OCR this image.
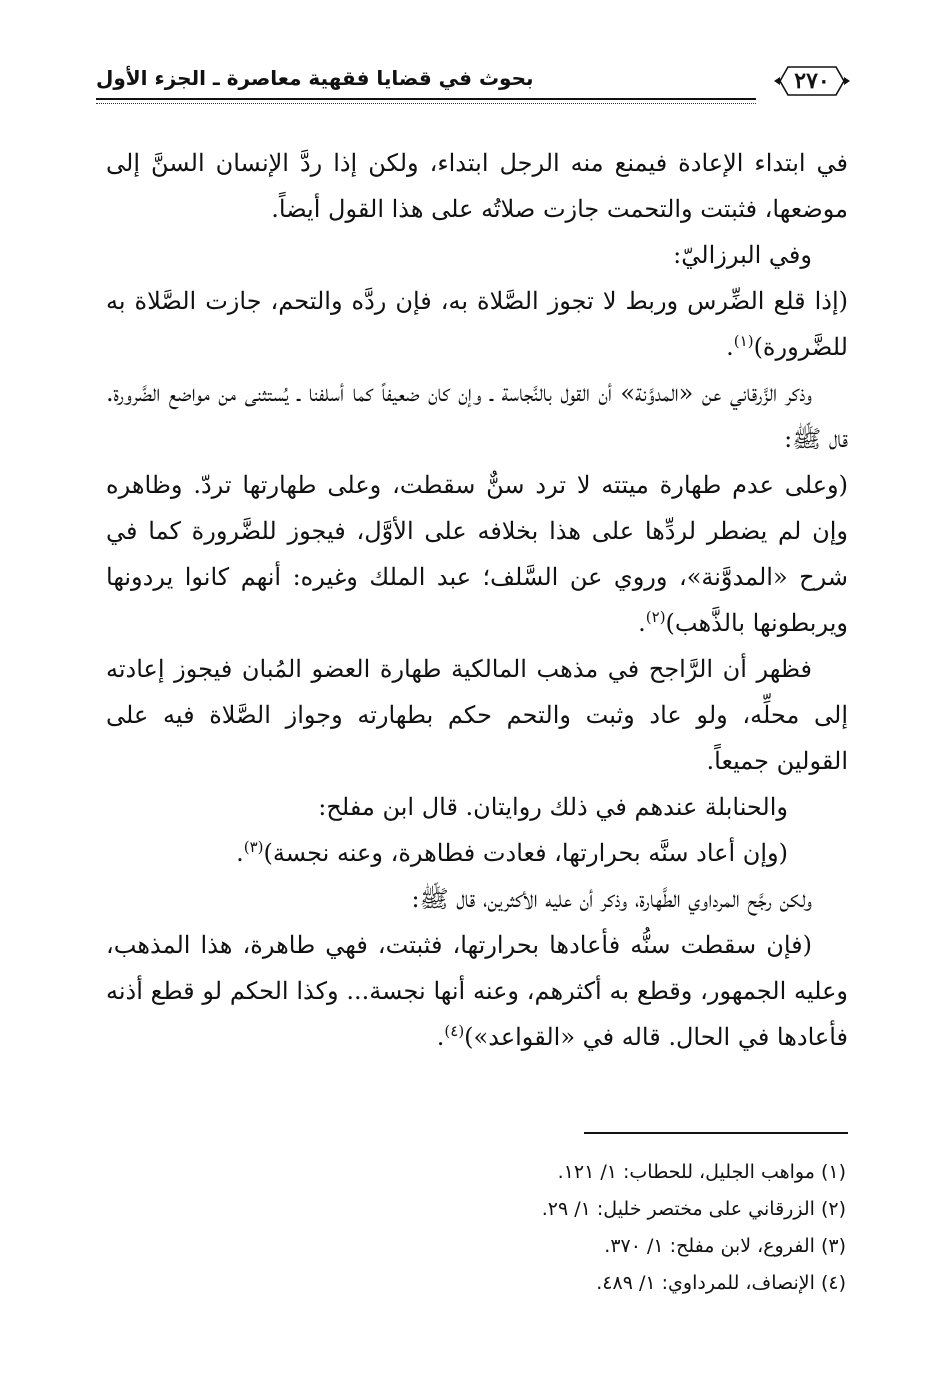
بحوث في قضايا فقهية معاصرة ـ الجزء الأول	٢٧٠

في ابتداء الإعادة فيمنع منه الرجل ابتداء، ولكن إذا ردَّ الإنسان السنَّ إلى موضعها، فثبتت والتحمت جازت صلاتُه على هذا القول أيضاً.

وفي البرزاليّ:

(إذا قلع الضِّرس وربط لا تجوز الصَّلاة به، فإن ردَّه والتحم، جازت الصَّلاة به للضَّرورة)$^{(١)}$.

وذكر الزَّرقاني عن «المدوَّنة» أن القول بالنَّجاسة ـ وإن كان ضعيفاً كما أسلفنا ـ يُستثنى من مواضع الضَّرورة. قال ﷺ:

(وعلى عدم طهارة ميتته لا ترد سنٌّ سقطت، وعلى طهارتها تردّ. وظاهره وإن لم يضطر لردِّها على هذا بخلافه على الأوَّل، فيجوز للضَّرورة كما في شرح «المدوَّنة»، وروي عن السَّلف؛ عبد الملك وغيره: أنهم كانوا يردونها ويربطونها بالذَّهب)$^{(٢)}$.

فظهر أن الرَّاجح في مذهب المالكية طهارة العضو المُبان فيجوز إعادته إلى محلِّه، ولو عاد وثبت والتحم حكم بطهارته وجواز الصَّلاة فيه على القولين جميعاً.

والحنابلة عندهم في ذلك روايتان. قال ابن مفلح:

(وإن أعاد سنَّه بحرارتها، فعادت فطاهرة، وعنه نجسة)$^{(٣)}$.

ولكن رجَّح المرداوي الطَّهارة، وذكر أن عليه الأكثرين، قال ﷺ:

(فإن سقطت سنُّه فأعادها بحرارتها، فثبتت، فهي طاهرة، هذا المذهب، وعليه الجمهور، وقطع به أكثرهم، وعنه أنها نجسة... وكذا الحكم لو قطع أذنه فأعادها في الحال. قاله في «القواعد»)$^{(٤)}$.

(١) مواهب الجليل، للحطاب: ١/ ١٢١.

(٢) الزرقاني على مختصر خليل: ١/ ٢٩.

(٣) الفروع، لابن مفلح: ١/ ٣٧٠.

(٤) الإنصاف، للمرداوي: ١/ ٤٨٩.
